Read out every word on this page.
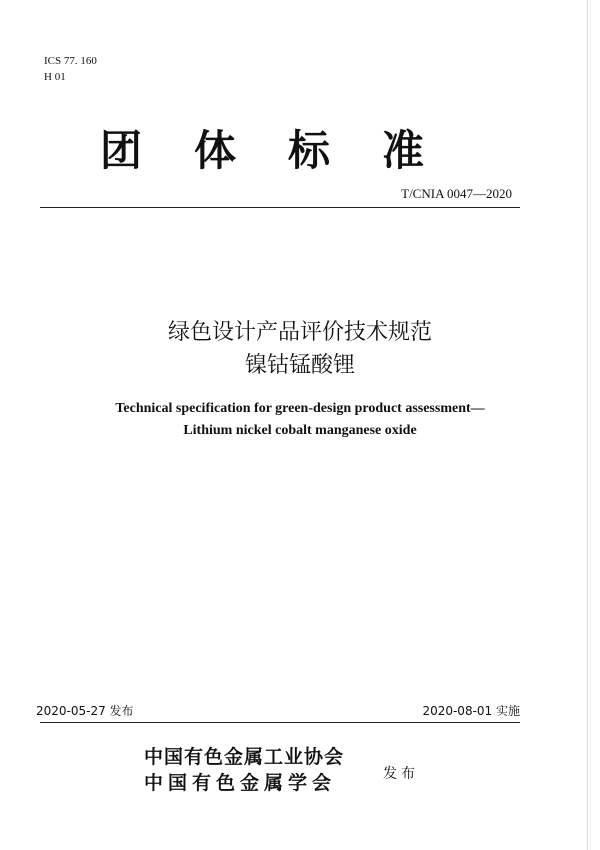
ICS 77. 160
H 01
团体标准
T/CNIA 0047—2020
绿色设计产品评价技术规范
镍钴锰酸锂
Technical specification for green-design product assessment—
Lithium nickel cobalt manganese oxide
2020-05-27 发布	2020-08-01 实施
中国有色金属工业协会
中国有色金属学会	发布
